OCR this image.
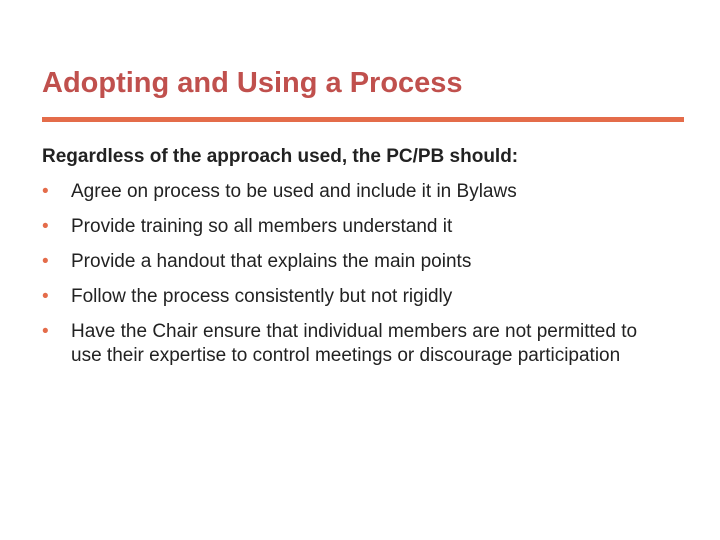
Adopting and Using a Process

Regardless of the approach used, the PC/PB should:

• Agree on process to be used and include it in Bylaws
• Provide training so all members understand it
• Provide a handout that explains the main points
• Follow the process consistently but not rigidly
• Have the Chair ensure that individual members are not permitted to use their expertise to control meetings or discourage participation
